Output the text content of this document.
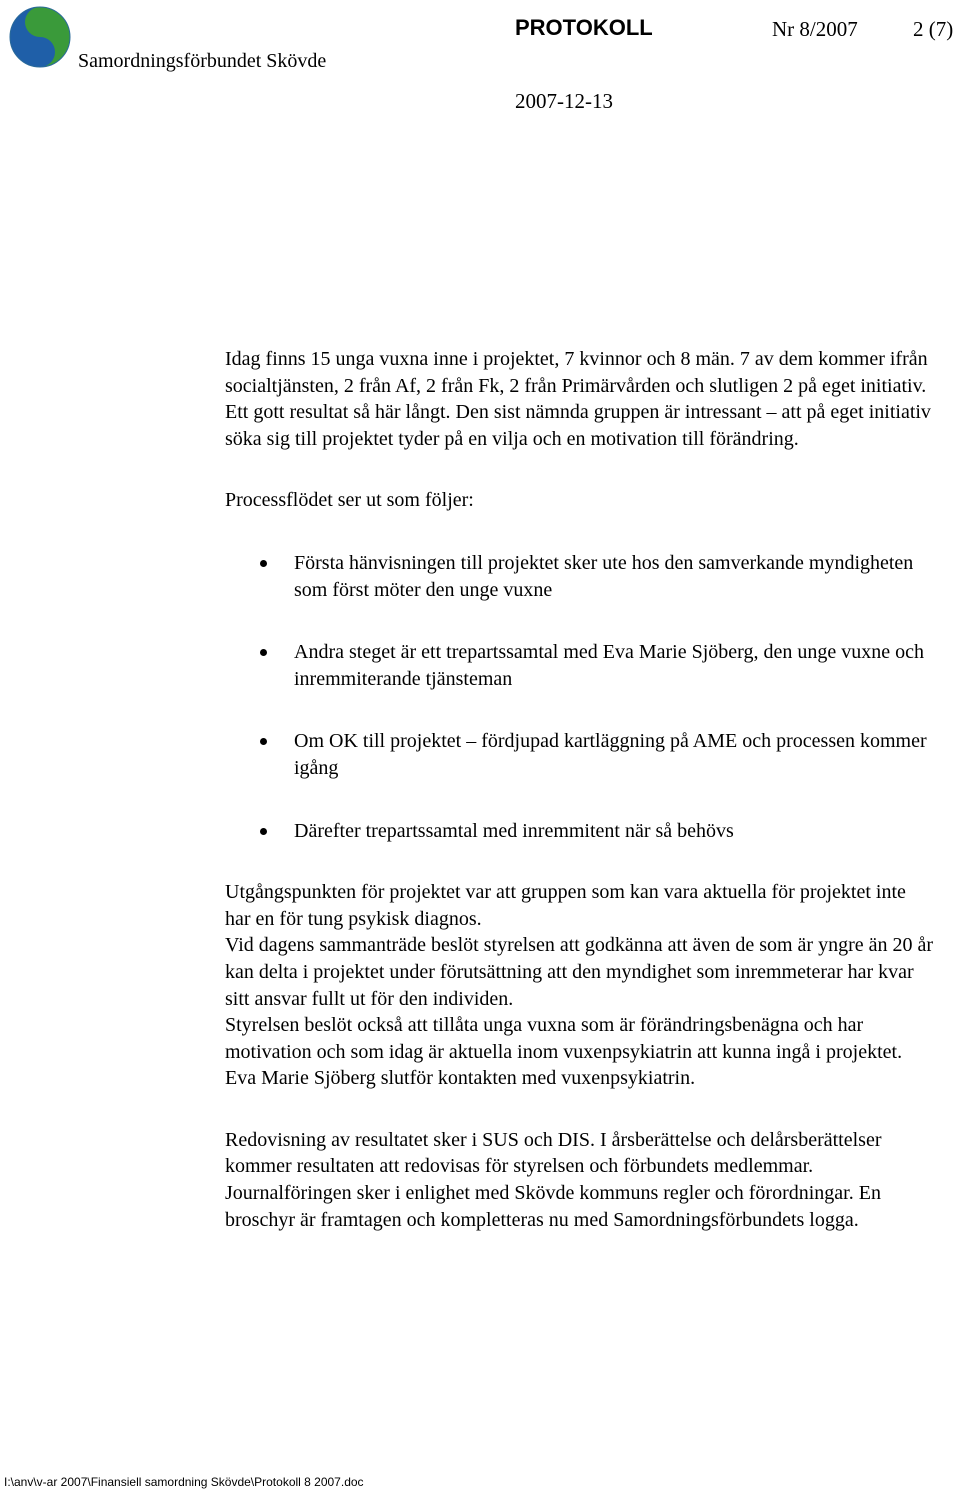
Samordningsförbundet Skövde
PROTOKOLL	Nr 8/2007	2 (7)
2007-12-13

Idag finns 15 unga vuxna inne i projektet, 7 kvinnor och 8 män. 7 av dem kommer ifrån socialtjänsten, 2 från Af, 2 från Fk, 2 från Primärvården och slutligen 2 på eget initiativ. Ett gott resultat så här långt. Den sist nämnda gruppen är intressant – att på eget initiativ söka sig till projektet tyder på en vilja och en motivation till förändring.

Processflödet ser ut som följer:

Första hänvisningen till projektet sker ute hos den samverkande myndigheten som först möter den unge vuxne
Andra steget är ett trepartssamtal med Eva Marie Sjöberg, den unge vuxne och inremmiterande tjänsteman
Om OK till projektet – fördjupad kartläggning på AME och processen kommer igång
Därefter trepartssamtal med inremmitent när så behövs

Utgångspunkten för projektet var att gruppen som kan vara aktuella för projektet inte har en för tung psykisk diagnos.

Vid dagens sammanträde beslöt styrelsen att godkänna att även de som är yngre än 20 år kan delta i projektet under förutsättning att den myndighet som inremmeterar har kvar sitt ansvar fullt ut för den individen.

Styrelsen beslöt också att tillåta unga vuxna som är förändringsbenägna och har motivation och som idag är aktuella inom vuxenpsykiatrin att kunna ingå i projektet. Eva Marie Sjöberg slutför kontakten med vuxenpsykiatrin.

Redovisning av resultatet sker i SUS och DIS. I årsberättelse och delårsberättelser kommer resultaten att redovisas för styrelsen och förbundets medlemmar. Journalföringen sker i enlighet med Skövde kommuns regler och förordningar. En broschyr är framtagen och kompletteras nu med Samordningsförbundets logga.

I:\anv\v-ar 2007\Finansiell samordning Skövde\Protokoll 8 2007.doc
